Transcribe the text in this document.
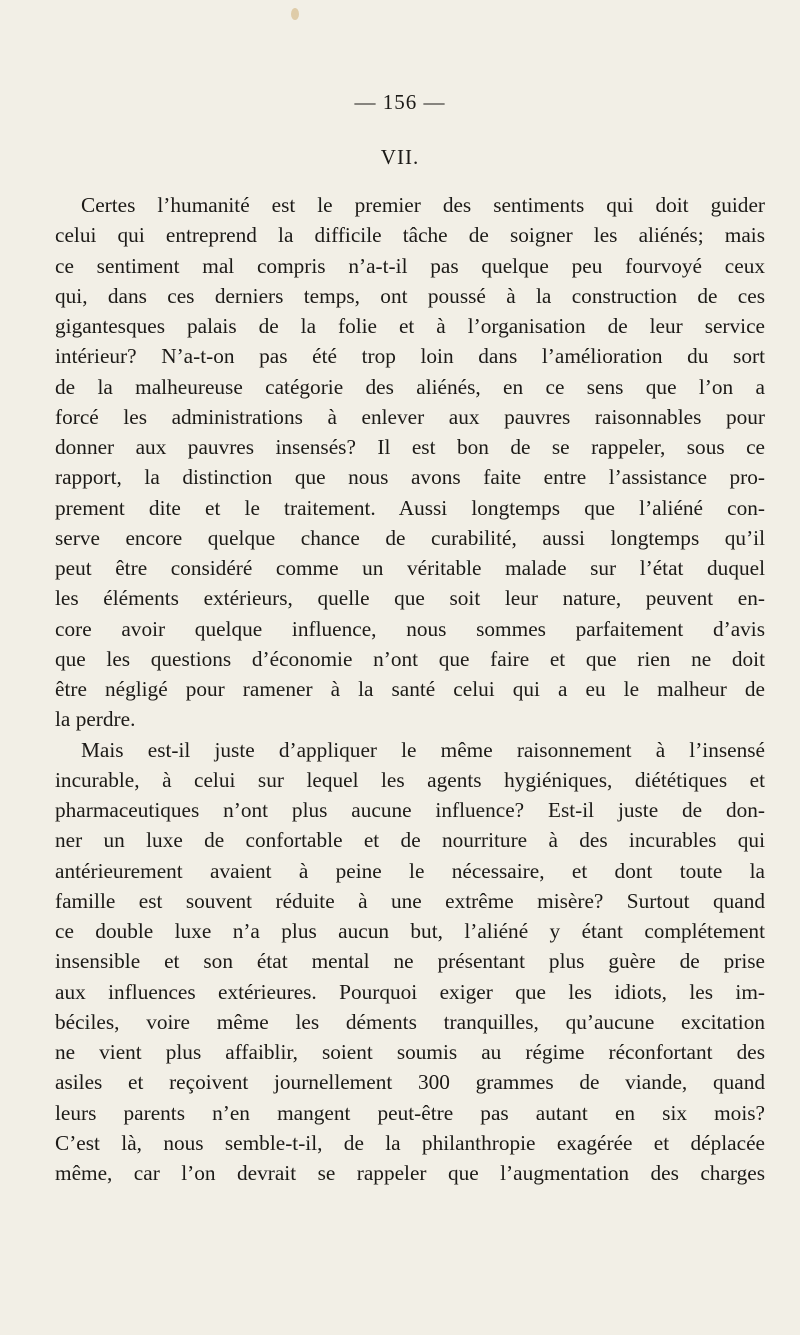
— 156 —
VII.
Certes l’humanité est le premier des sentiments qui doit guider
celui qui entreprend la difficile tâche de soigner les aliénés; mais
ce sentiment mal compris n’a-t-il pas quelque peu fourvoyé ceux
qui, dans ces derniers temps, ont poussé à la construction de ces
gigantesques palais de la folie et à l’organisation de leur service
intérieur? N’a-t-on pas été trop loin dans l’amélioration du sort
de la malheureuse catégorie des aliénés, en ce sens que l’on a
forcé les administrations à enlever aux pauvres raisonnables pour
donner aux pauvres insensés? Il est bon de se rappeler, sous ce
rapport, la distinction que nous avons faite entre l’assistance pro-
prement dite et le traitement. Aussi longtemps que l’aliéné con-
serve encore quelque chance de curabilité, aussi longtemps qu’il
peut être considéré comme un véritable malade sur l’état duquel
les éléments extérieurs, quelle que soit leur nature, peuvent en-
core avoir quelque influence, nous sommes parfaitement d’avis
que les questions d’économie n’ont que faire et que rien ne doit
être négligé pour ramener à la santé celui qui a eu le malheur de
la perdre.
Mais est-il juste d’appliquer le même raisonnement à l’insensé
incurable, à celui sur lequel les agents hygiéniques, diététiques et
pharmaceutiques n’ont plus aucune influence? Est-il juste de don-
ner un luxe de confortable et de nourriture à des incurables qui
antérieurement avaient à peine le nécessaire, et dont toute la
famille est souvent réduite à une extrême misère? Surtout quand
ce double luxe n’a plus aucun but, l’aliéné y étant complétement
insensible et son état mental ne présentant plus guère de prise
aux influences extérieures. Pourquoi exiger que les idiots, les im-
béciles, voire même les déments tranquilles, qu’aucune excitation
ne vient plus affaiblir, soient soumis au régime réconfortant des
asiles et reçoivent journellement 300 grammes de viande, quand
leurs parents n’en mangent peut-être pas autant en six mois?
C’est là, nous semble-t-il, de la philanthropie exagérée et déplacée
même, car l’on devrait se rappeler que l’augmentation des charges
